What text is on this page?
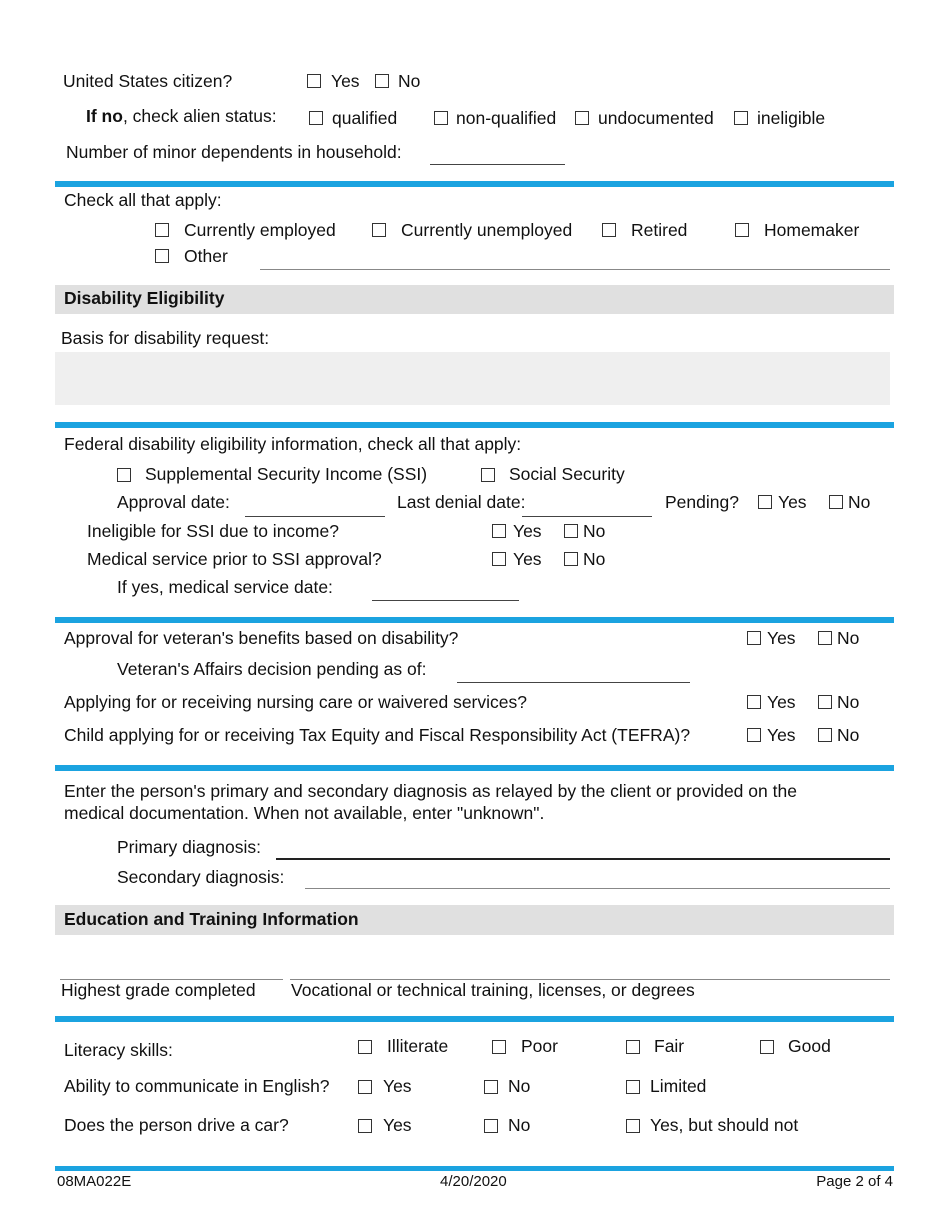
United States citizen?	Yes No
If no, check alien status:	qualified	non-qualified undocumented ineligible
Number of minor dependents in household:
Check all that apply:
Currently employed	Currently unemployed	Retired	Homemaker
Other
Disability Eligibility
Basis for disability request:
Federal disability eligibility information, check all that apply:
Supplemental Security Income (SSI)	Social Security
Approval date:	Last denial date:	Pending? Yes No
Ineligible for SSI due to income?	Yes No
Medical service prior to SSI approval?	Yes No
If yes, medical service date:
Approval for veteran's benefits based on disability?	Yes No
Veteran's Affairs decision pending as of:
Applying for or receiving nursing care or waivered services?	Yes No
Child applying for or receiving Tax Equity and Fiscal Responsibility Act (TEFRA)?	Yes No
Enter the person's primary and secondary diagnosis as relayed by the client or provided on the
medical documentation. When not available, enter "unknown".
Primary diagnosis:
Secondary diagnosis:
Education and Training Information
Highest grade completed Vocational or technical training, licenses, or degrees
Literacy skills:	Illiterate	Poor	Fair	Good
Ability to communicate in English?	Yes	No	Limited
Does the person drive a car?	Yes	No	Yes, but should not
08MA022E	4/20/2020	Page 2 of 4
